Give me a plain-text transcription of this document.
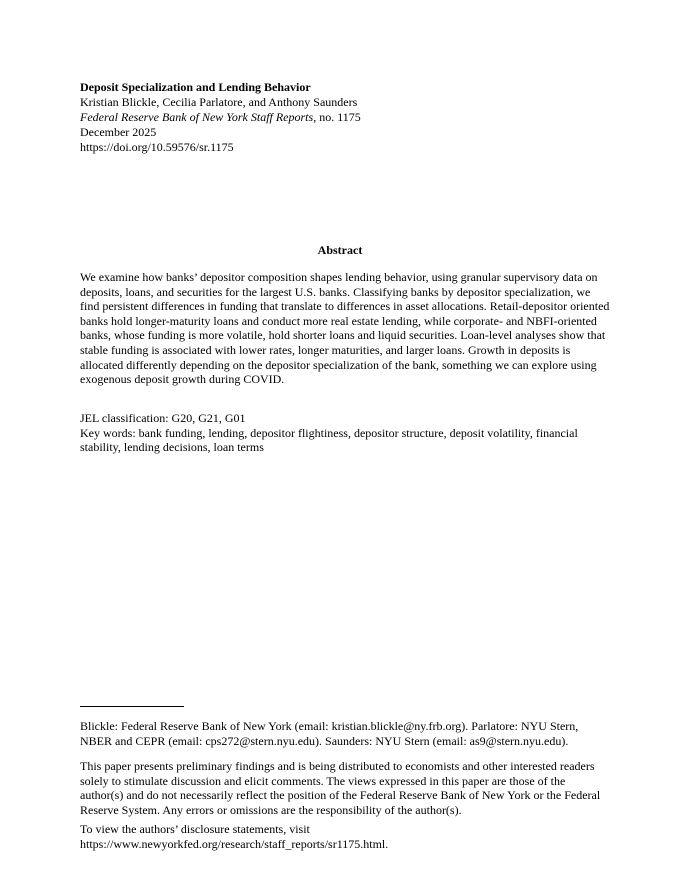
Deposit Specialization and Lending Behavior
Kristian Blickle, Cecilia Parlatore, and Anthony Saunders
Federal Reserve Bank of New York Staff Reports, no. 1175
December 2025
https://doi.org/10.59576/sr.1175
Abstract
We examine how banks’ depositor composition shapes lending behavior, using granular supervisory data on deposits, loans, and securities for the largest U.S. banks. Classifying banks by depositor specialization, we find persistent differences in funding that translate to differences in asset allocations. Retail-depositor oriented banks hold longer-maturity loans and conduct more real estate lending, while corporate- and NBFI-oriented banks, whose funding is more volatile, hold shorter loans and liquid securities. Loan-level analyses show that stable funding is associated with lower rates, longer maturities, and larger loans. Growth in deposits is allocated differently depending on the depositor specialization of the bank, something we can explore using exogenous deposit growth during COVID.
JEL classification: G20, G21, G01
Key words: bank funding, lending, depositor flightiness, depositor structure, deposit volatility, financial stability, lending decisions, loan terms
Blickle: Federal Reserve Bank of New York (email: kristian.blickle@ny.frb.org). Parlatore: NYU Stern, NBER and CEPR (email: cps272@stern.nyu.edu). Saunders: NYU Stern (email: as9@stern.nyu.edu).
This paper presents preliminary findings and is being distributed to economists and other interested readers solely to stimulate discussion and elicit comments. The views expressed in this paper are those of the author(s) and do not necessarily reflect the position of the Federal Reserve Bank of New York or the Federal Reserve System. Any errors or omissions are the responsibility of the author(s).
To view the authors’ disclosure statements, visit
https://www.newyorkfed.org/research/staff_reports/sr1175.html.
